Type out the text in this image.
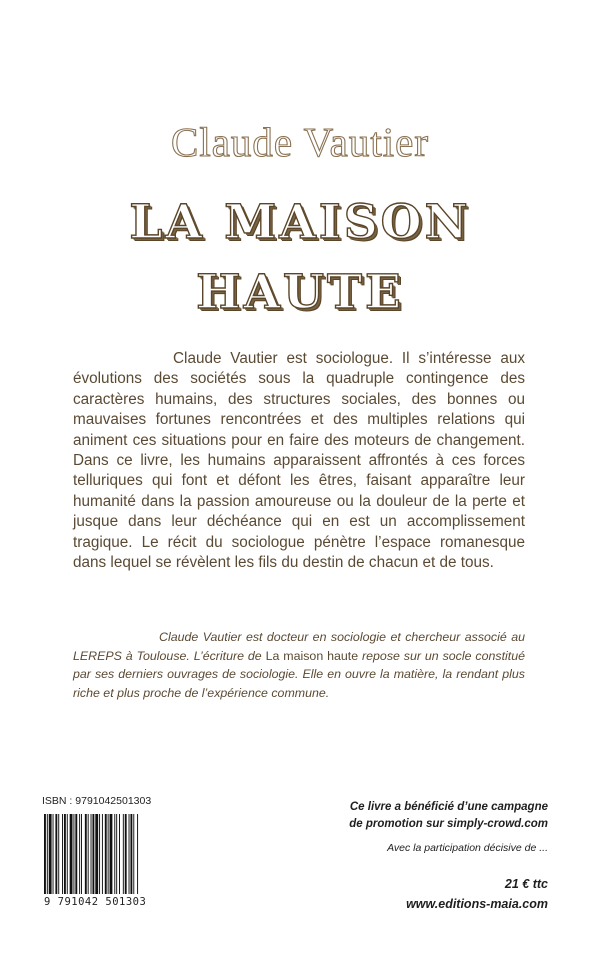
Claude Vautier
LA MAISON
HAUTE

Claude Vautier est sociologue. Il s’intéresse aux évolutions des sociétés sous la quadruple contingence des caractères humains, des structures sociales, des bonnes ou mauvaises fortunes rencontrées et des multiples relations qui animent ces situations pour en faire des moteurs de changement. Dans ce livre, les humains apparaissent affrontés à ces forces telluriques qui font et défont les êtres, faisant apparaître leur humanité dans la passion amoureuse ou la douleur de la perte et jusque dans leur déchéance qui en est un accomplissement tragique. Le récit du sociologue pénètre l’espace romanesque dans lequel se révèlent les fils du destin de chacun et de tous.

Claude Vautier est docteur en sociologie et chercheur associé au LEREPS à Toulouse. L’écriture de La maison haute repose sur un socle constitué par ses derniers ouvrages de sociologie. Elle en ouvre la matière, la rendant plus riche et plus proche de l’expérience commune.

ISBN : 9791042501303
9 791042 501303
Ce livre a bénéficié d’une campagne
de promotion sur simply-crowd.com
Avec la participation décisive de ...
21 € ttc
www.editions-maia.com
